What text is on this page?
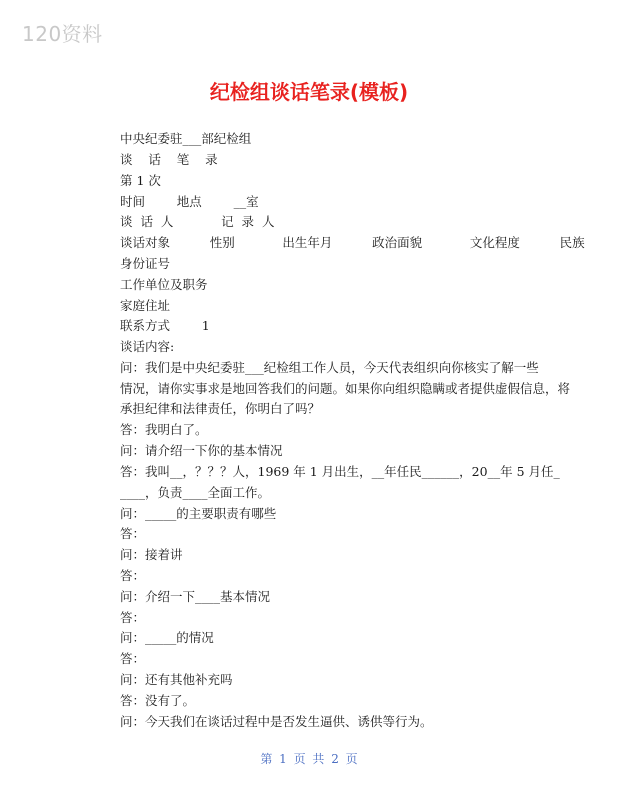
120资料
纪检组谈话笔录(模板)
中央纪委驻___部纪检组
谈    话    笔    录
第 1 次
时间        地点        __室
谈  话  人            记  录  人
谈话对象          性别            出生年月          政治面貌            文化程度          民族
身份证号
工作单位及职务
家庭住址
联系方式        1
谈话内容:
问：我们是中央纪委驻___纪检组工作人员，今天代表组织向你核实了解一些
情况，请你实事求是地回答我们的问题。如果你向组织隐瞒或者提供虚假信息，将
承担纪律和法律责任，你明白了吗？
答：我明白了。
问：请介绍一下你的基本情况
答：我叫__，？？？人，1969 年 1 月出生，__年任民______，20__年 5 月任_
____，负责____全面工作。
问：_____的主要职责有哪些
答：
问：接着讲
答：
问：介绍一下____基本情况
答：
问：_____的情况
答：
问：还有其他补充吗
答：没有了。
问：今天我们在谈话过程中是否发生逼供、诱供等行为。
第 1 页 共 2 页
